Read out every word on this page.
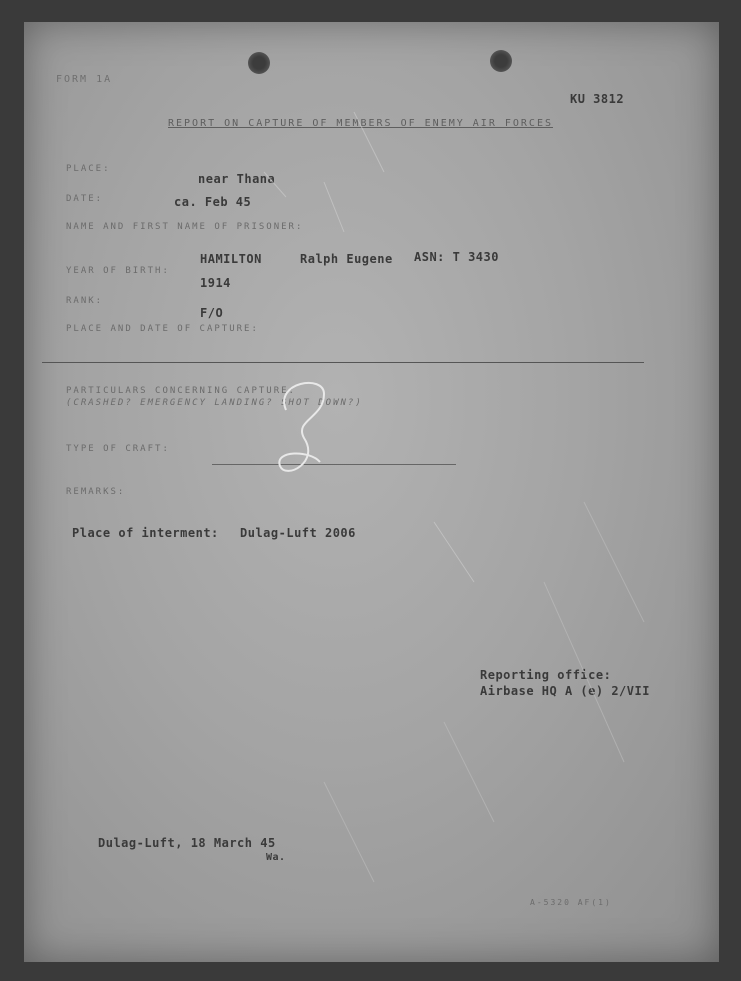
FORM 1A
KU 3812
REPORT ON CAPTURE OF MEMBERS OF ENEMY AIR FORCES
PLACE:
near Thana
DATE:	ca. Feb 45
NAME AND FIRST NAME OF PRISONER:
HAMILTON	Ralph Eugene ASN: T 3430
YEAR OF BIRTH:
1914
RANK:
F/O
PLACE AND DATE OF CAPTURE:
PARTICULARS CONCERNING CAPTURE:
(CRASHED? EMERGENCY LANDING? SHOT DOWN?)
TYPE OF CRAFT:
REMARKS:
Place of interment: Dulag-Luft 2006
Reporting office:
Airbase HQ A (e) 2/VII
Dulag-Luft, 18 March 45
Wa.
A-5320 AF(1)
